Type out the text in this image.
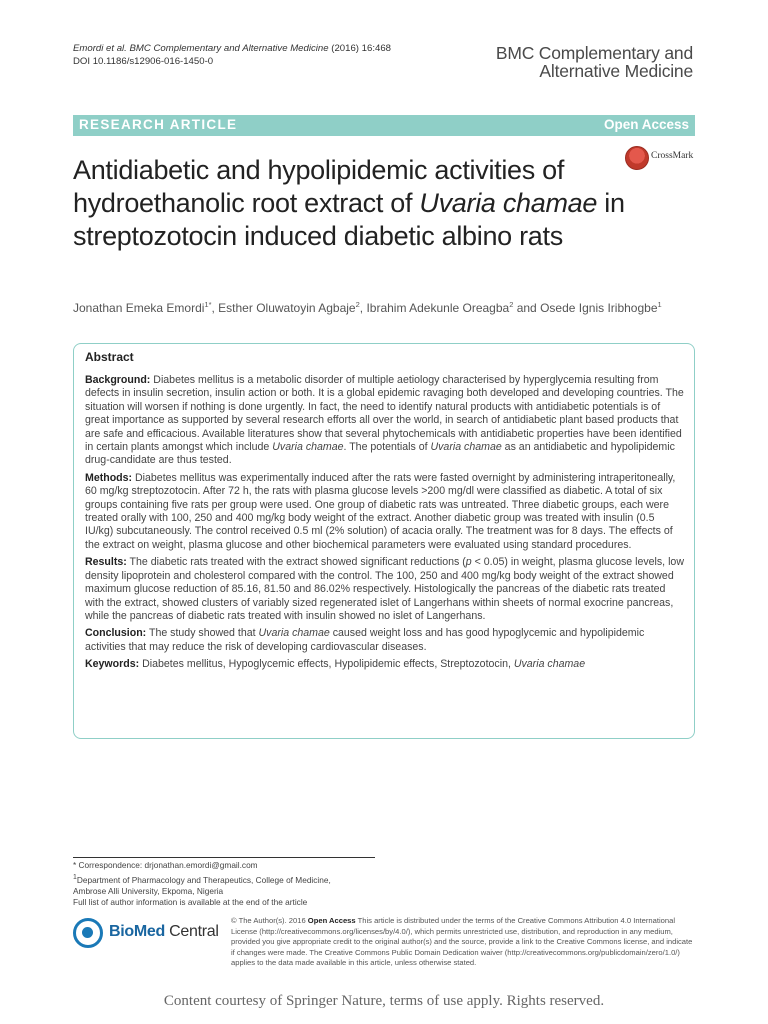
Emordi et al. BMC Complementary and Alternative Medicine (2016) 16:468
DOI 10.1186/s12906-016-1450-0	BMC Complementary and
Alternative Medicine
RESEARCH ARTICLE	Open Access
Antidiabetic and hypolipidemic activities of hydroethanolic root extract of Uvaria chamae in streptozotocin induced diabetic albino rats
CrossMark
Jonathan Emeka Emordi$^{1*}$, Esther Oluwatoyin Agbaje$^2$, Ibrahim Adekunle Oreagba$^2$ and Osede Ignis Iribhogbe$^1$
Abstract

Background: Diabetes mellitus is a metabolic disorder of multiple aetiology characterised by hyperglycemia resulting from defects in insulin secretion, insulin action or both. It is a global epidemic ravaging both developed and developing countries. The situation will worsen if nothing is done urgently. In fact, the need to identify natural products with antidiabetic potentials is of great importance as supported by several research efforts all over the world, in search of antidiabetic plant based products that are safe and efficacious. Available literatures show that several phytochemicals with antidiabetic properties have been identified in certain plants amongst which include Uvaria chamae. The potentials of Uvaria chamae as an antidiabetic and hypolipidemic drug-candidate are thus tested.

Methods: Diabetes mellitus was experimentally induced after the rats were fasted overnight by administering intraperitoneally, 60 mg/kg streptozotocin. After 72 h, the rats with plasma glucose levels >200 mg/dl were classified as diabetic. A total of six groups containing five rats per group were used. One group of diabetic rats was untreated. Three diabetic groups, each were treated orally with 100, 250 and 400 mg/kg body weight of the extract. Another diabetic group was treated with insulin (0.5 IU/kg) subcutaneously. The control received 0.5 ml (2% solution) of acacia orally. The treatment was for 8 days. The effects of the extract on weight, plasma glucose and other biochemical parameters were evaluated using standard procedures.

Results: The diabetic rats treated with the extract showed significant reductions (p < 0.05) in weight, plasma glucose levels, low density lipoprotein and cholesterol compared with the control. The 100, 250 and 400 mg/kg body weight of the extract showed maximum glucose reduction of 85.16, 81.50 and 86.02% respectively. Histologically the pancreas of the diabetic rats treated with the extract, showed clusters of variably sized regenerated islet of Langerhans within sheets of normal exocrine pancreas, while the pancreas of diabetic rats treated with insulin showed no islet of Langerhans.

Conclusion: The study showed that Uvaria chamae caused weight loss and has good hypoglycemic and hypolipidemic activities that may reduce the risk of developing cardiovascular diseases.

Keywords: Diabetes mellitus, Hypoglycemic effects, Hypolipidemic effects, Streptozotocin, Uvaria chamae

* Correspondence: drjonathan.emordi@gmail.com
$^1$Department of Pharmacology and Therapeutics, College of Medicine,
Ambrose Alli University, Ekpoma, Nigeria
Full list of author information is available at the end of the article
BioMed Central
© The Author(s). 2016 Open Access This article is distributed under the terms of the Creative Commons Attribution 4.0 International License (http://creativecommons.org/licenses/by/4.0/), which permits unrestricted use, distribution, and reproduction in any medium, provided you give appropriate credit to the original author(s) and the source, provide a link to the Creative Commons license, and indicate if changes were made. The Creative Commons Public Domain Dedication waiver (http://creativecommons.org/publicdomain/zero/1.0/) applies to the data made available in this article, unless otherwise stated.
Content courtesy of Springer Nature, terms of use apply. Rights reserved.
